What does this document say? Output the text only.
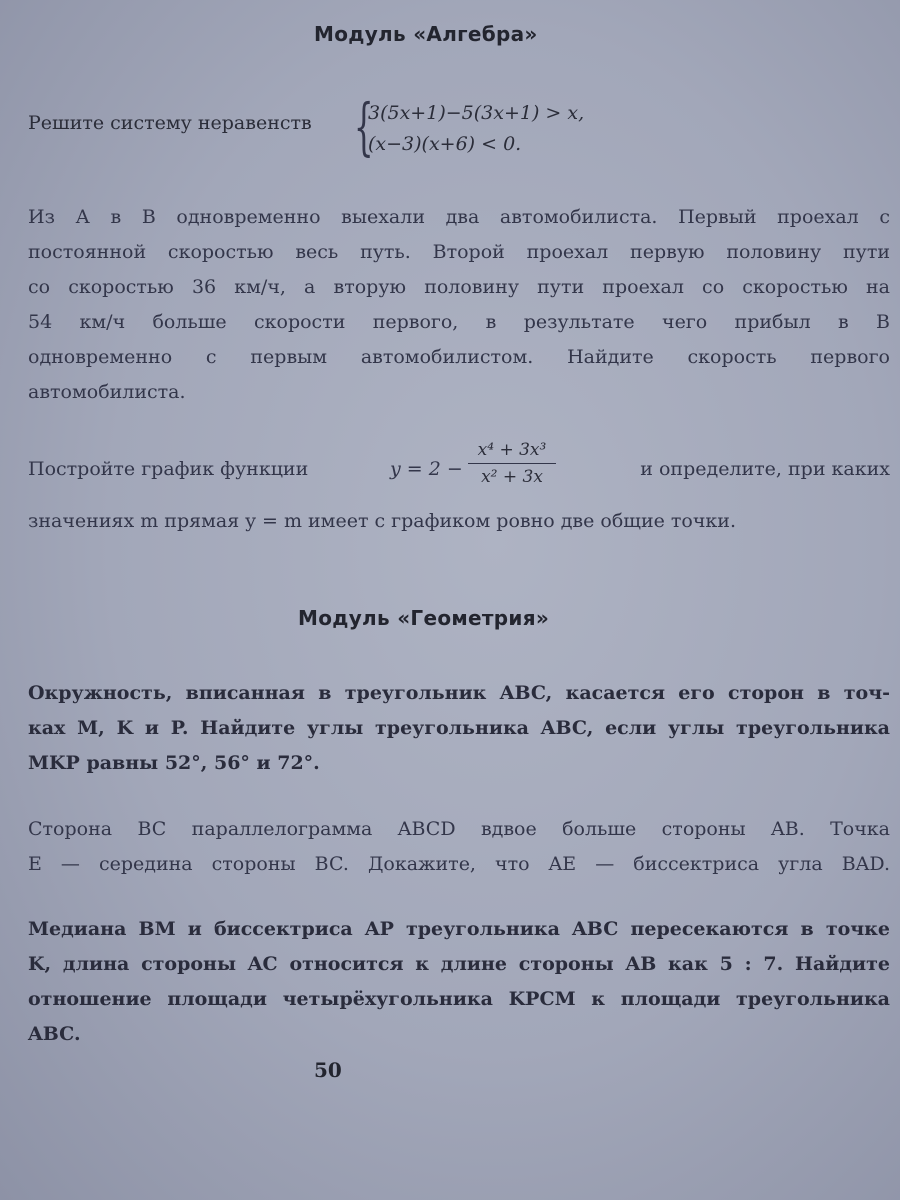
Модуль «Алгебра»
Решите систему неравенств {
3(5x+1)−5(3x+1) > x,
(x−3)(x+6) < 0.
Из А в В одновременно выехали два автомобилиста. Первый проехал с
постоянной скоростью весь путь. Второй проехал первую половину пути
со скоростью 36 км/ч, а вторую половину пути проехал со скоростью на
54 км/ч больше скорости первого, в результате чего прибыл в В
одновременно с первым автомобилистом. Найдите скорость первого
автомобилиста.
Постройте график функции	y = 2 −
x⁴ + 3x³
x² + 3x	и определите, при каких
значениях m прямая y = m имеет с графиком ровно две общие точки.
Модуль «Геометрия»
Окружность, вписанная в треугольник ABC, касается его сторон в точ-
ках M, K и P. Найдите углы треугольника ABC, если углы треугольника
MKP равны 52°, 56° и 72°.
Сторона BC параллелограмма ABCD вдвое больше стороны AB. Точка
E — середина стороны BC. Докажите, что AE — биссектриса угла BAD.
Медиана BM и биссектриса AP треугольника ABC пересекаются в точке
K, длина стороны AC относится к длине стороны AB как 5 : 7. Найдите
отношение площади четырёхугольника KPCM к площади треугольника
ABC.
50
